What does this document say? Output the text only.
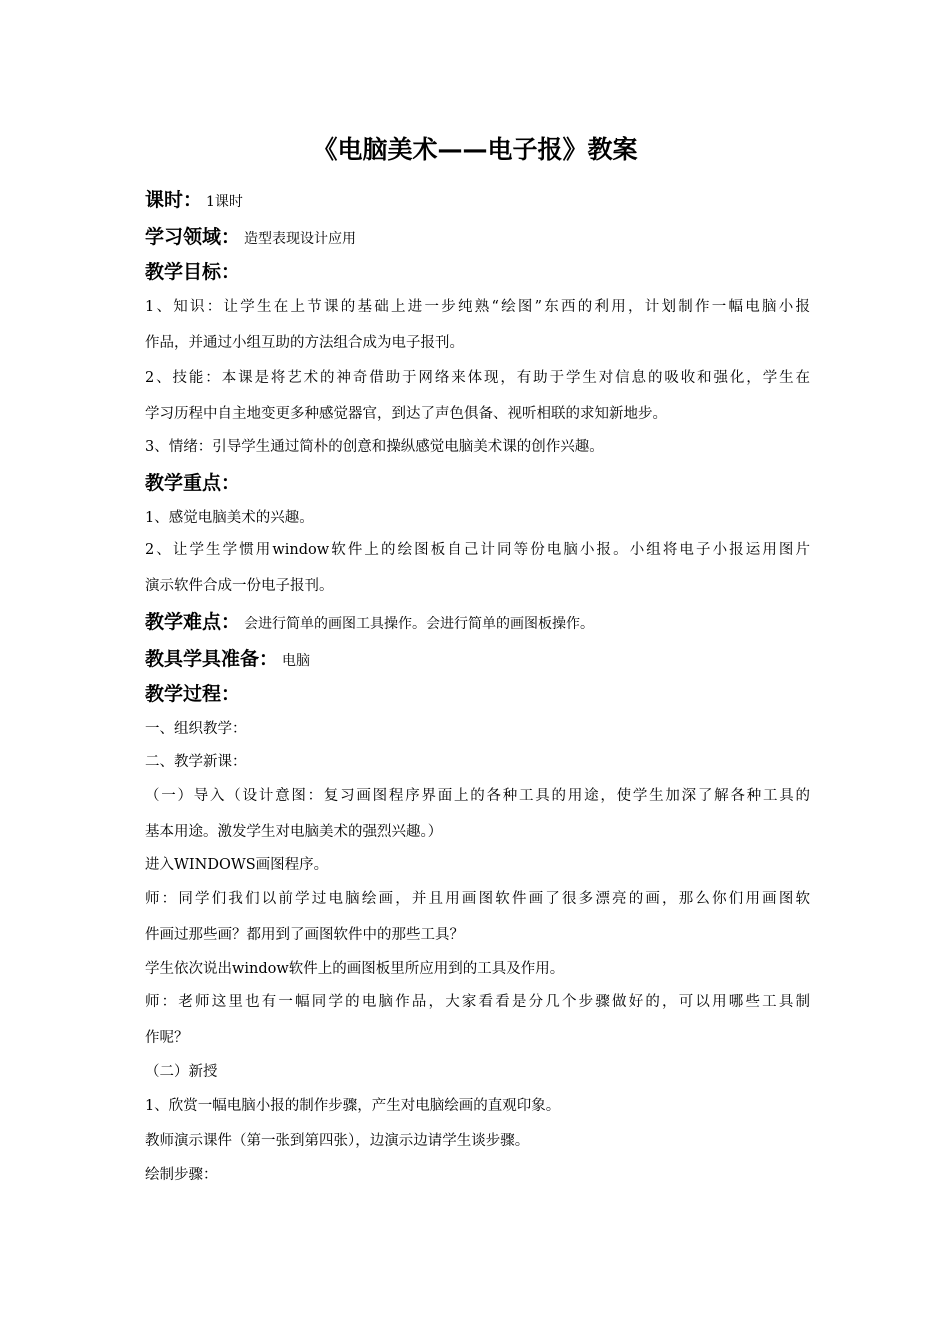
《电脑美术——电子报》教案
课时： 1课时
学习领域： 造型表现设计应用
教学目标：
1、知识：让学生在上节课的基础上进一步纯熟“绘图”东西的利用，计划制作一幅电脑小报
作品，并通过小组互助的方法组合成为电子报刊。
2、技能：本课是将艺术的神奇借助于网络来体现，有助于学生对信息的吸收和强化，学生在
学习历程中自主地变更多种感觉器官，到达了声色俱备、视听相联的求知新地步。
3、情绪：引导学生通过简朴的创意和操纵感觉电脑美术课的创作兴趣。
教学重点：
1、感觉电脑美术的兴趣。
2、让学生学惯用window软件上的绘图板自己计同等份电脑小报。小组将电子小报运用图片
演示软件合成一份电子报刊。
教学难点： 会进行简单的画图工具操作。会进行简单的画图板操作。
教具学具准备： 电脑
教学过程：
一、组织教学：
二、教学新课：
（一）导入（设计意图：复习画图程序界面上的各种工具的用途，使学生加深了解各种工具的
基本用途。激发学生对电脑美术的强烈兴趣。）
进入WINDOWS画图程序。
师：同学们我们以前学过电脑绘画，并且用画图软件画了很多漂亮的画，那么你们用画图软
件画过那些画？都用到了画图软件中的那些工具？
学生依次说出window软件上的画图板里所应用到的工具及作用。
师：老师这里也有一幅同学的电脑作品，大家看看是分几个步骤做好的，可以用哪些工具制
作呢？
（二）新授
1、欣赏一幅电脑小报的制作步骤，产生对电脑绘画的直观印象。
教师演示课件（第一张到第四张），边演示边请学生谈步骤。
绘制步骤：
